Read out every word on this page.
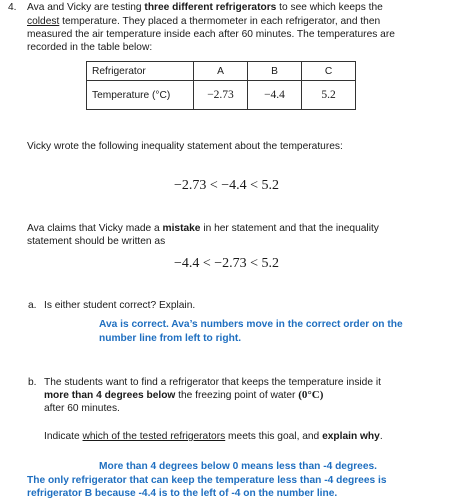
4. Ava and Vicky are testing three different refrigerators to see which keeps the
coldest temperature. They placed a thermometer in each refrigerator, and then
measured the air temperature inside each after 60 minutes. The temperatures are
recorded in the table below:
Refrigerator	A	B	C
Temperature (°C)	−2.73	−4.4	5.2
Vicky wrote the following inequality statement about the temperatures:
−2.73 < −4.4 < 5.2
Ava claims that Vicky made a mistake in her statement and that the inequality
statement should be written as
−4.4 < −2.73 < 5.2
a. Is either student correct? Explain.
Ava is correct. Ava’s numbers move in the correct order on the
number line from left to right.
b. The students want to find a refrigerator that keeps the temperature inside it
more than 4 degrees below the freezing point of water (0°C)
after 60 minutes.
Indicate which of the tested refrigerators meets this goal, and explain why.
More than 4 degrees below 0 means less than -4 degrees.
The only refrigerator that can keep the temperature less than -4 degrees is
refrigerator B because -4.4 is to the left of -4 on the number line.
